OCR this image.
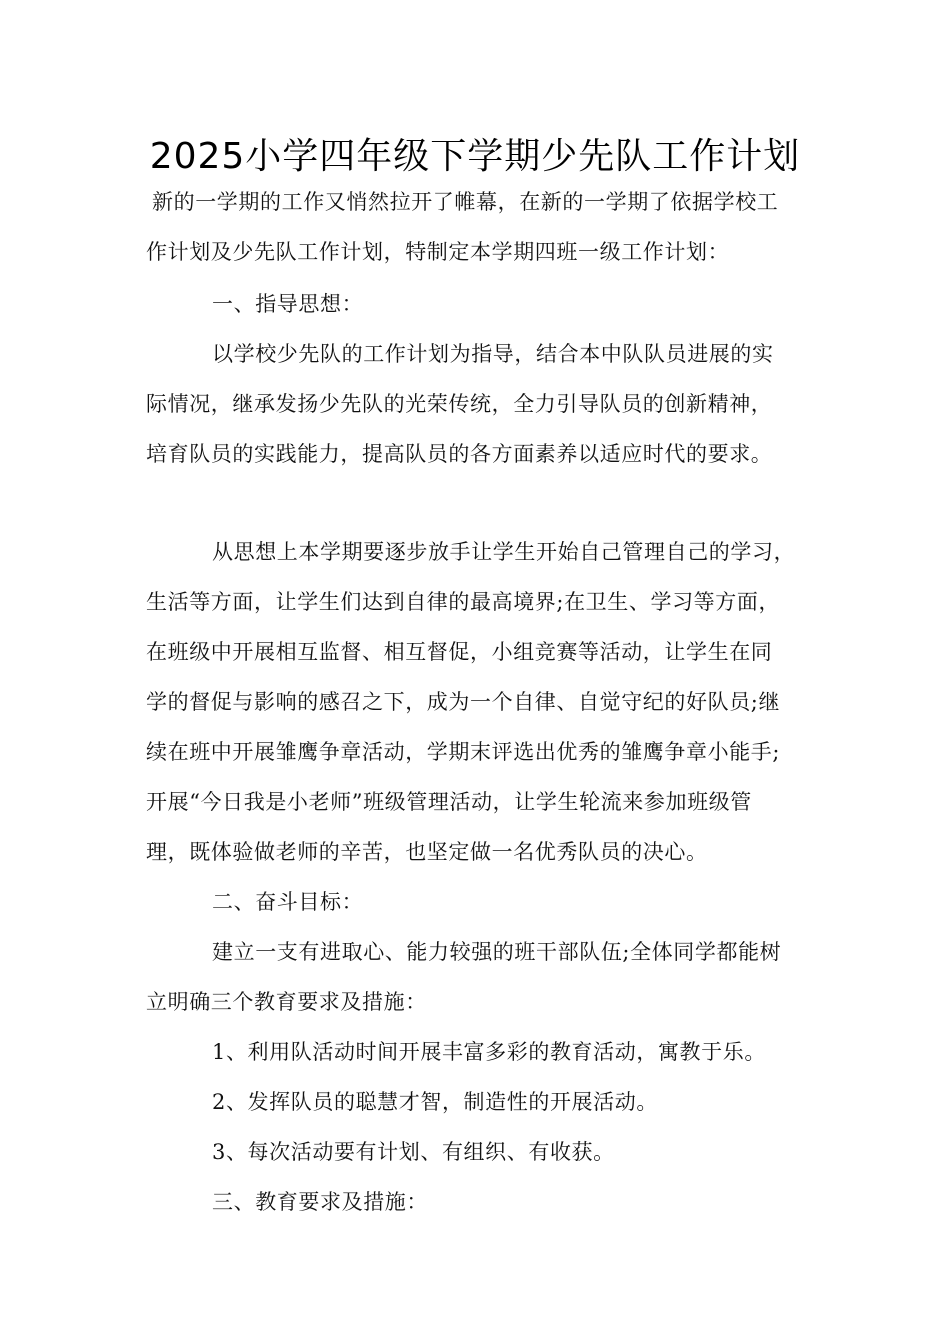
2025小学四年级下学期少先队工作计划
新的一学期的工作又悄然拉开了帷幕，在新的一学期了依据学校工
作计划及少先队工作计划，特制定本学期四班一级工作计划：
一、指导思想：
以学校少先队的工作计划为指导，结合本中队队员进展的实
际情况，继承发扬少先队的光荣传统，全力引导队员的创新精神，
培育队员的实践能力，提高队员的各方面素养以适应时代的要求。
从思想上本学期要逐步放手让学生开始自己管理自己的学习，
生活等方面，让学生们达到自律的最高境界;在卫生、学习等方面，
在班级中开展相互监督、相互督促，小组竞赛等活动，让学生在同
学的督促与影响的感召之下，成为一个自律、自觉守纪的好队员;继
续在班中开展雏鹰争章活动，学期末评选出优秀的雏鹰争章小能手;
开展“今日我是小老师”班级管理活动，让学生轮流来参加班级管
理，既体验做老师的辛苦，也坚定做一名优秀队员的决心。
二、奋斗目标：
建立一支有进取心、能力较强的班干部队伍;全体同学都能树
立明确三个教育要求及措施：
1、利用队活动时间开展丰富多彩的教育活动，寓教于乐。
2、发挥队员的聪慧才智，制造性的开展活动。
3、每次活动要有计划、有组织、有收获。
三、教育要求及措施：
